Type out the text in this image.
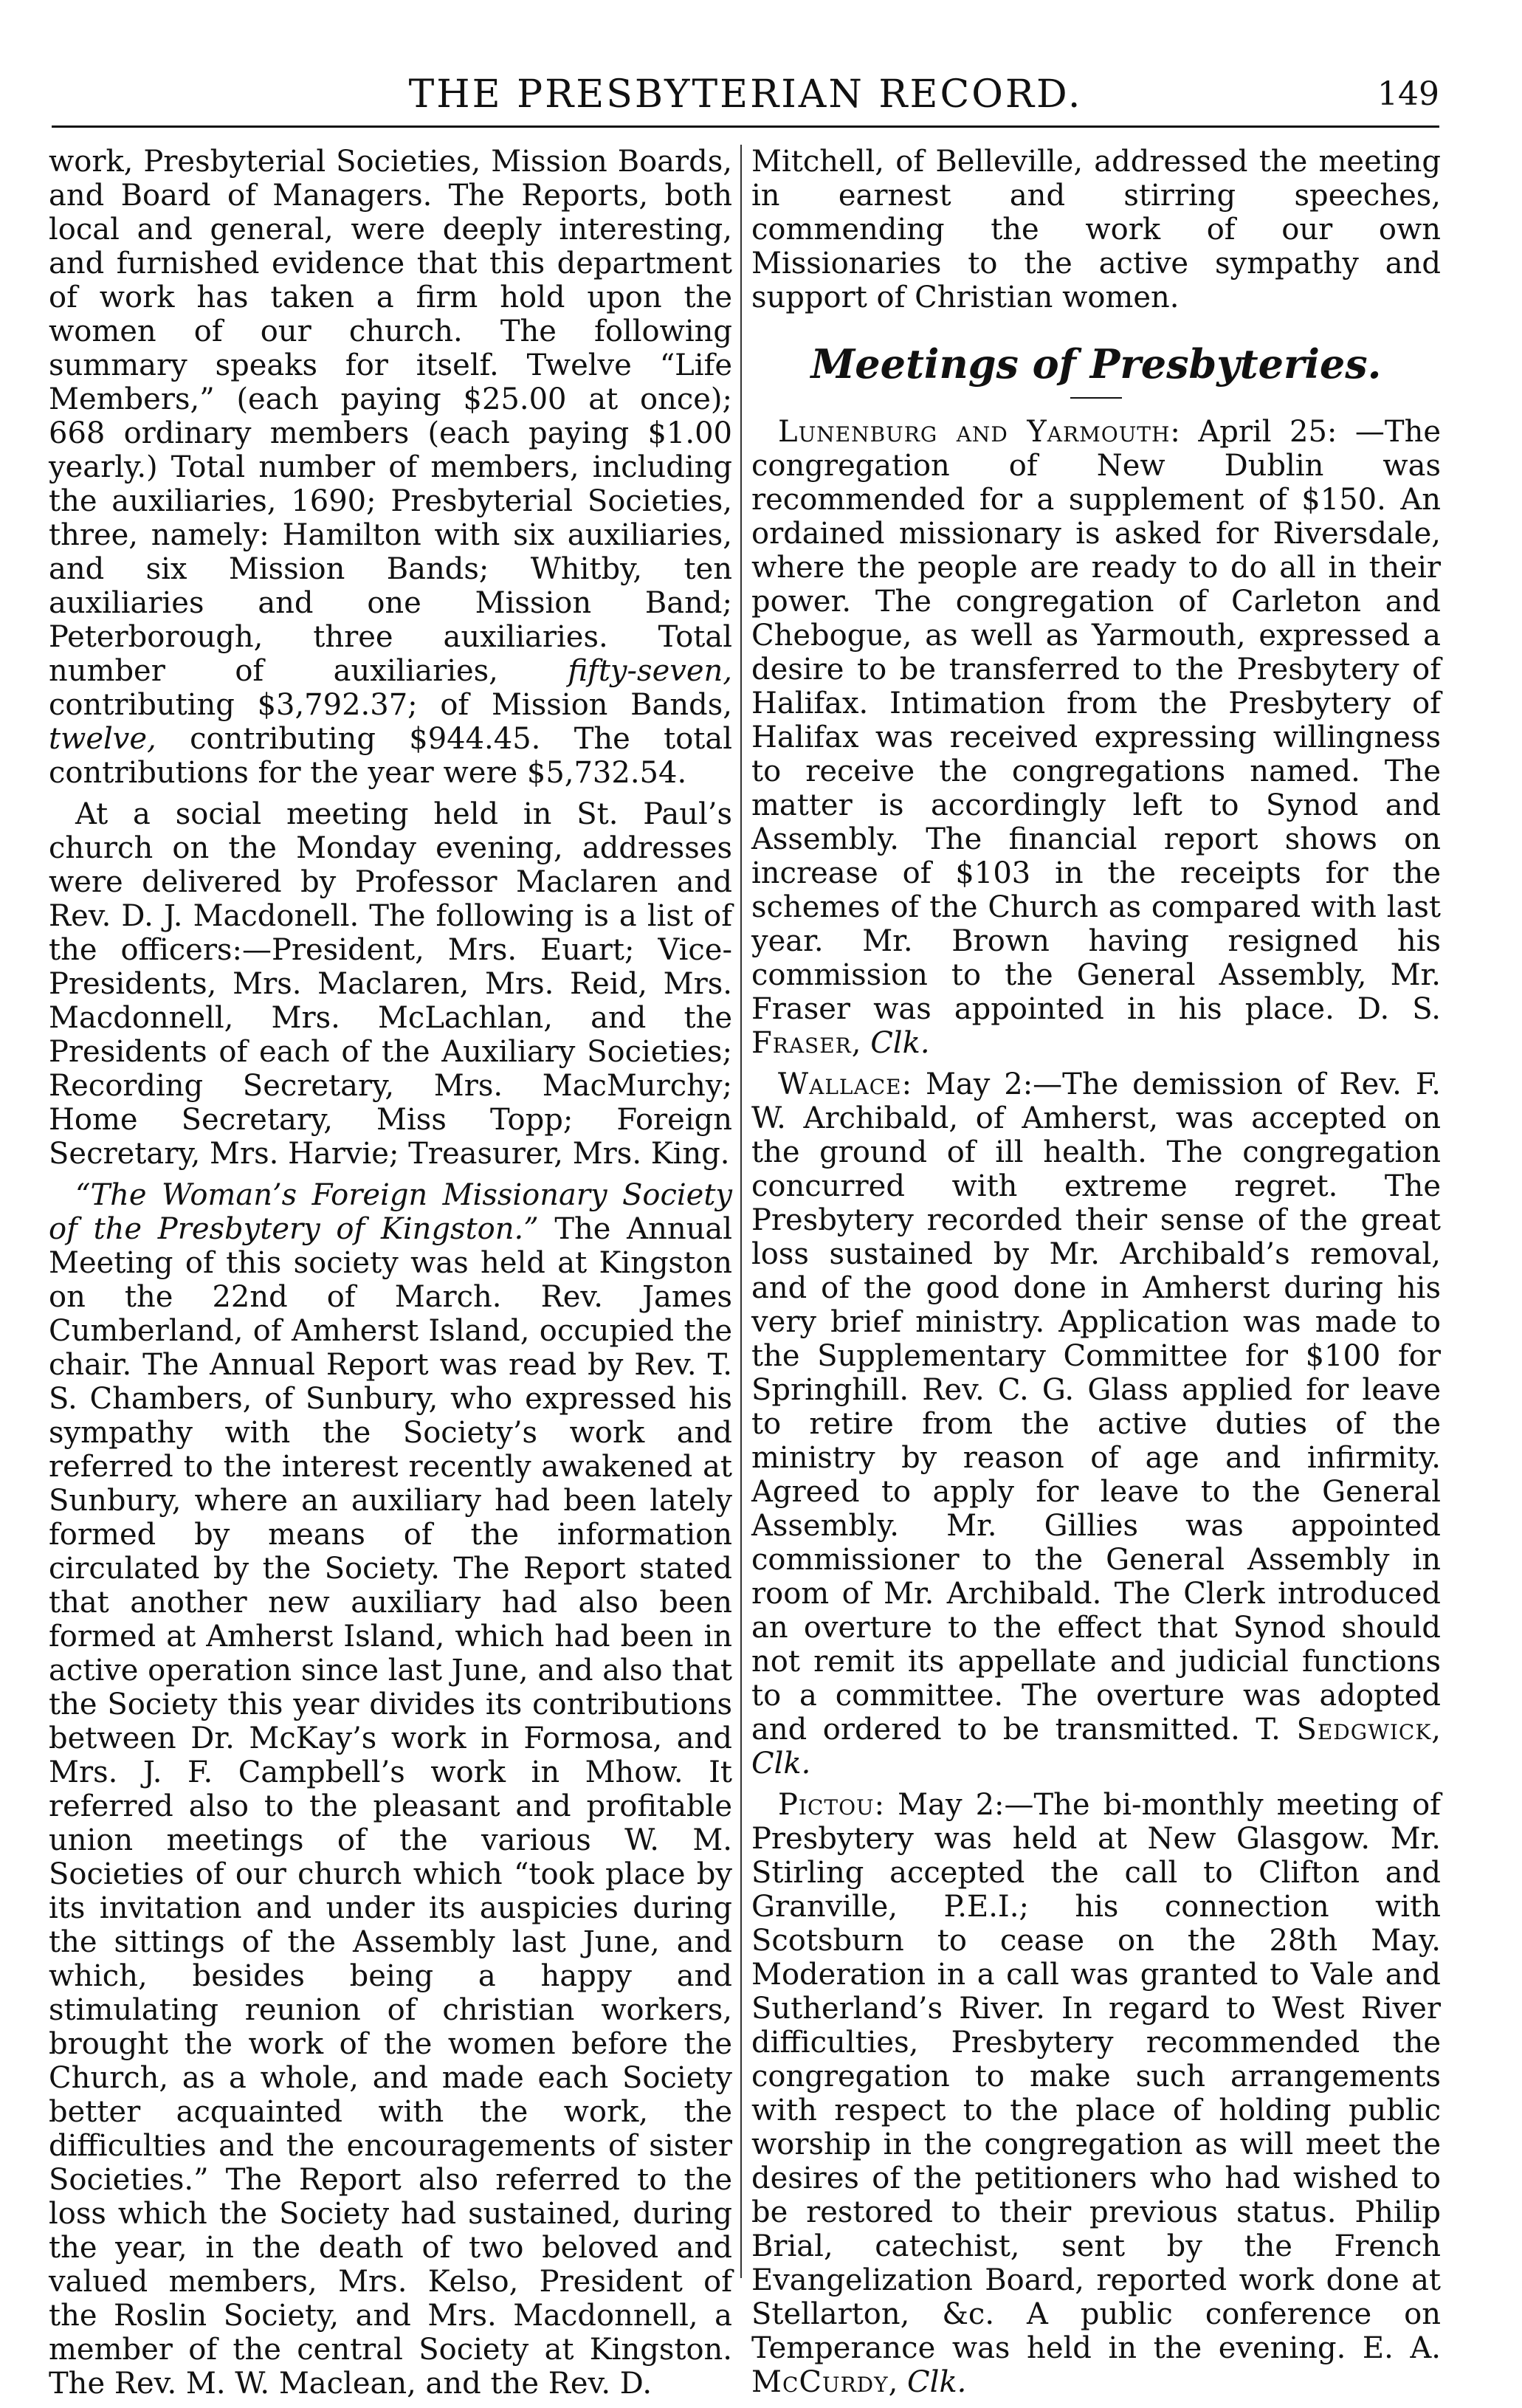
THE PRESBYTERIAN RECORD.	149

work, Presbyterial Societies, Mission Boards, and Board of Managers. The Reports, both local and general, were deeply interesting, and furnished evidence that this department of work has taken a firm hold upon the women of our church. The following summary speaks for itself. Twelve “Life Members,” (each paying $25.00 at once); 668 ordinary members (each paying $1.00 yearly.) Total number of members, including the auxiliaries, 1690; Presbyterial Societies, three, namely: Hamilton with six auxiliaries, and six Mission Bands; Whitby, ten auxiliaries and one Mission Band; Peterborough, three auxiliaries. Total number of auxiliaries, fifty-seven, contributing $3,792.37; of Mission Bands, twelve, contributing $944.45. The total contributions for the year were $5,732.54.

At a social meeting held in St. Paul’s church on the Monday evening, addresses were delivered by Professor Maclaren and Rev. D. J. Macdonell. The following is a list of the officers:—President, Mrs. Euart; Vice-Presidents, Mrs. Maclaren, Mrs. Reid, Mrs. Macdonnell, Mrs. McLachlan, and the Presidents of each of the Auxiliary Societies; Recording Secretary, Mrs. MacMurchy; Home Secretary, Miss Topp; Foreign Secretary, Mrs. Harvie; Treasurer, Mrs. King.

“The Woman’s Foreign Missionary Society of the Presbytery of Kingston.” The Annual Meeting of this society was held at Kingston on the 22nd of March. Rev. James Cumberland, of Amherst Island, occupied the chair. The Annual Report was read by Rev. T. S. Chambers, of Sunbury, who expressed his sympathy with the Society’s work and referred to the interest recently awakened at Sunbury, where an auxiliary had been lately formed by means of the information circulated by the Society. The Report stated that another new auxiliary had also been formed at Amherst Island, which had been in active operation since last June, and also that the Society this year divides its contributions between Dr. McKay’s work in Formosa, and Mrs. J. F. Campbell’s work in Mhow. It referred also to the pleasant and profitable union meetings of the various W. M. Societies of our church which “took place by its invitation and under its auspicies during the sittings of the Assembly last June, and which, besides being a happy and stimulating reunion of christian workers, brought the work of the women before the Church, as a whole, and made each Society better acquainted with the work, the difficulties and the encouragements of sister Societies.” The Report also referred to the loss which the Society had sustained, during the year, in the death of two beloved and valued members, Mrs. Kelso, President of the Roslin Society, and Mrs. Macdonnell, a member of the central Society at Kingston. The Rev. M. W. Maclean, and the Rev. D.

Mitchell, of Belleville, addressed the meeting in earnest and stirring speeches, commending the work of our own Missionaries to the active sympathy and support of Christian women.

Meetings of Presbyteries.

Lunenburg and Yarmouth: April 25: —The congregation of New Dublin was recommended for a supplement of $150. An ordained missionary is asked for Riversdale, where the people are ready to do all in their power. The congregation of Carleton and Chebogue, as well as Yarmouth, expressed a desire to be transferred to the Presbytery of Halifax. Intimation from the Presbytery of Halifax was received expressing willingness to receive the congregations named. The matter is accordingly left to Synod and Assembly. The financial report shows on increase of $103 in the receipts for the schemes of the Church as compared with last year. Mr. Brown having resigned his commission to the General Assembly, Mr. Fraser was appointed in his place. D. S. Fraser, Clk.

Wallace: May 2:—The demission of Rev. F. W. Archibald, of Amherst, was accepted on the ground of ill health. The congregation concurred with extreme regret. The Presbytery recorded their sense of the great loss sustained by Mr. Archibald’s removal, and of the good done in Amherst during his very brief ministry. Application was made to the Supplementary Committee for $100 for Springhill. Rev. C. G. Glass applied for leave to retire from the active duties of the ministry by reason of age and infirmity. Agreed to apply for leave to the General Assembly. Mr. Gillies was appointed commissioner to the General Assembly in room of Mr. Archibald. The Clerk introduced an overture to the effect that Synod should not remit its appellate and judicial functions to a committee. The overture was adopted and ordered to be transmitted. T. Sedgwick, Clk.

Pictou: May 2:—The bi-monthly meeting of Presbytery was held at New Glasgow. Mr. Stirling accepted the call to Clifton and Granville, P.E.I.; his connection with Scotsburn to cease on the 28th May. Moderation in a call was granted to Vale and Sutherland’s River. In regard to West River difficulties, Presbytery recommended the congregation to make such arrangements with respect to the place of holding public worship in the congregation as will meet the desires of the petitioners who had wished to be restored to their previous status. Philip Brial, catechist, sent by the French Evangelization Board, reported work done at Stellarton, &c. A public conference on Temperance was held in the evening. E. A. McCurdy, Clk.
